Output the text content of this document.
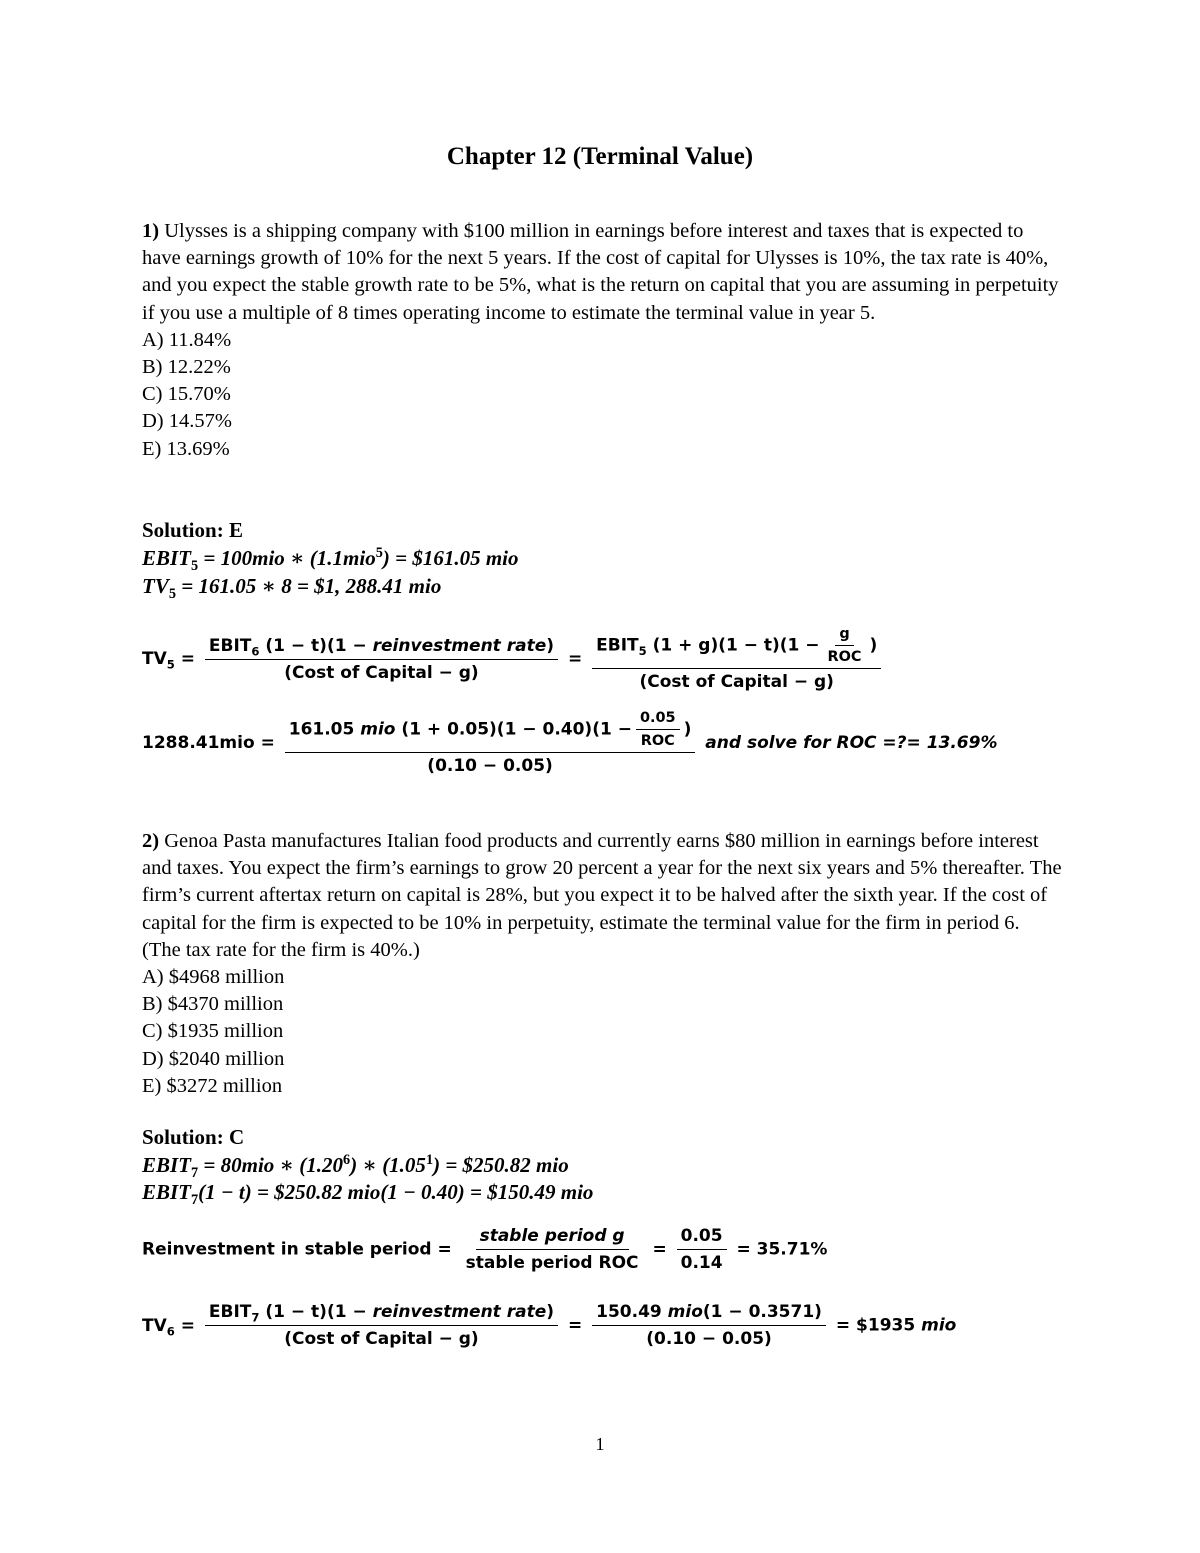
Chapter 12 (Terminal Value)

1) Ulysses is a shipping company with $100 million in earnings before interest and taxes that is expected to have earnings growth of 10% for the next 5 years. If the cost of capital for Ulysses is 10%, the tax rate is 40%, and you expect the stable growth rate to be 5%, what is the return on capital that you are assuming in perpetuity if you use a multiple of 8 times operating income to estimate the terminal value in year 5.

A) 11.84%
B) 12.22%
C) 15.70%
D) 14.57%
E) 13.69%
Solution: E
$EBIT_5 = 100mio$ ∗ (1.1mio$^5$) = $161.05 mio
$TV_5 = 161.05$ ∗ 8 = $1, 288.41 mio
$TV_5 = \frac{EBIT_6 (1 - t)(1 - reinvestment rate)}{\text{(Cost of Capital − g)}} = \frac{EBIT_5 (1 + g)(1 - t)(1 - \frac{g}{\text{ROC}} )}{\text{(Cost of Capital − g)}}$
$1288.41mio = \frac{161.05 mio (1 + 0.05)(1 - 0.40)(1 - \frac{0.05}{\text{ROC}} )}{(0.10 - 0.05)}$ and solve for ROC =?= 13.69%

2) Genoa Pasta manufactures Italian food products and currently earns $80 million in earnings before interest and taxes. You expect the firm’s earnings to grow 20 percent a year for the next six years and 5% thereafter. The firm’s current aftertax return on capital is 28%, but you expect it to be halved after the sixth year. If the cost of capital for the firm is expected to be 10% in perpetuity, estimate the terminal value for the firm in period 6. (The tax rate for the firm is 40%.)

A) $4968 million
B) $4370 million
C) $1935 million
D) $2040 million
E) $3272 million
Solution: C
$EBIT_7 = 80mio$ ∗ (1.20$^6$) ∗ $(1.05^1)$ = $250.82 mio
$EBIT_7(1 - t)$ = $250.82 mio(1 − 0.40) = $150.49 mio
Reinvestment in stable period = $\frac{\text{stable period g}}{\text{stable period ROC}} = \frac{0.05}{0.14} = 35.71\%$
$TV_6 = \frac{EBIT_7 (1 - t)(1 - reinvestment rate)}{\text{(Cost of Capital − g)}} = \frac{\text{150.49 mio(1 − 0.3571)}}{(0.10 - 0.05)}$ = $1935 mio
1
